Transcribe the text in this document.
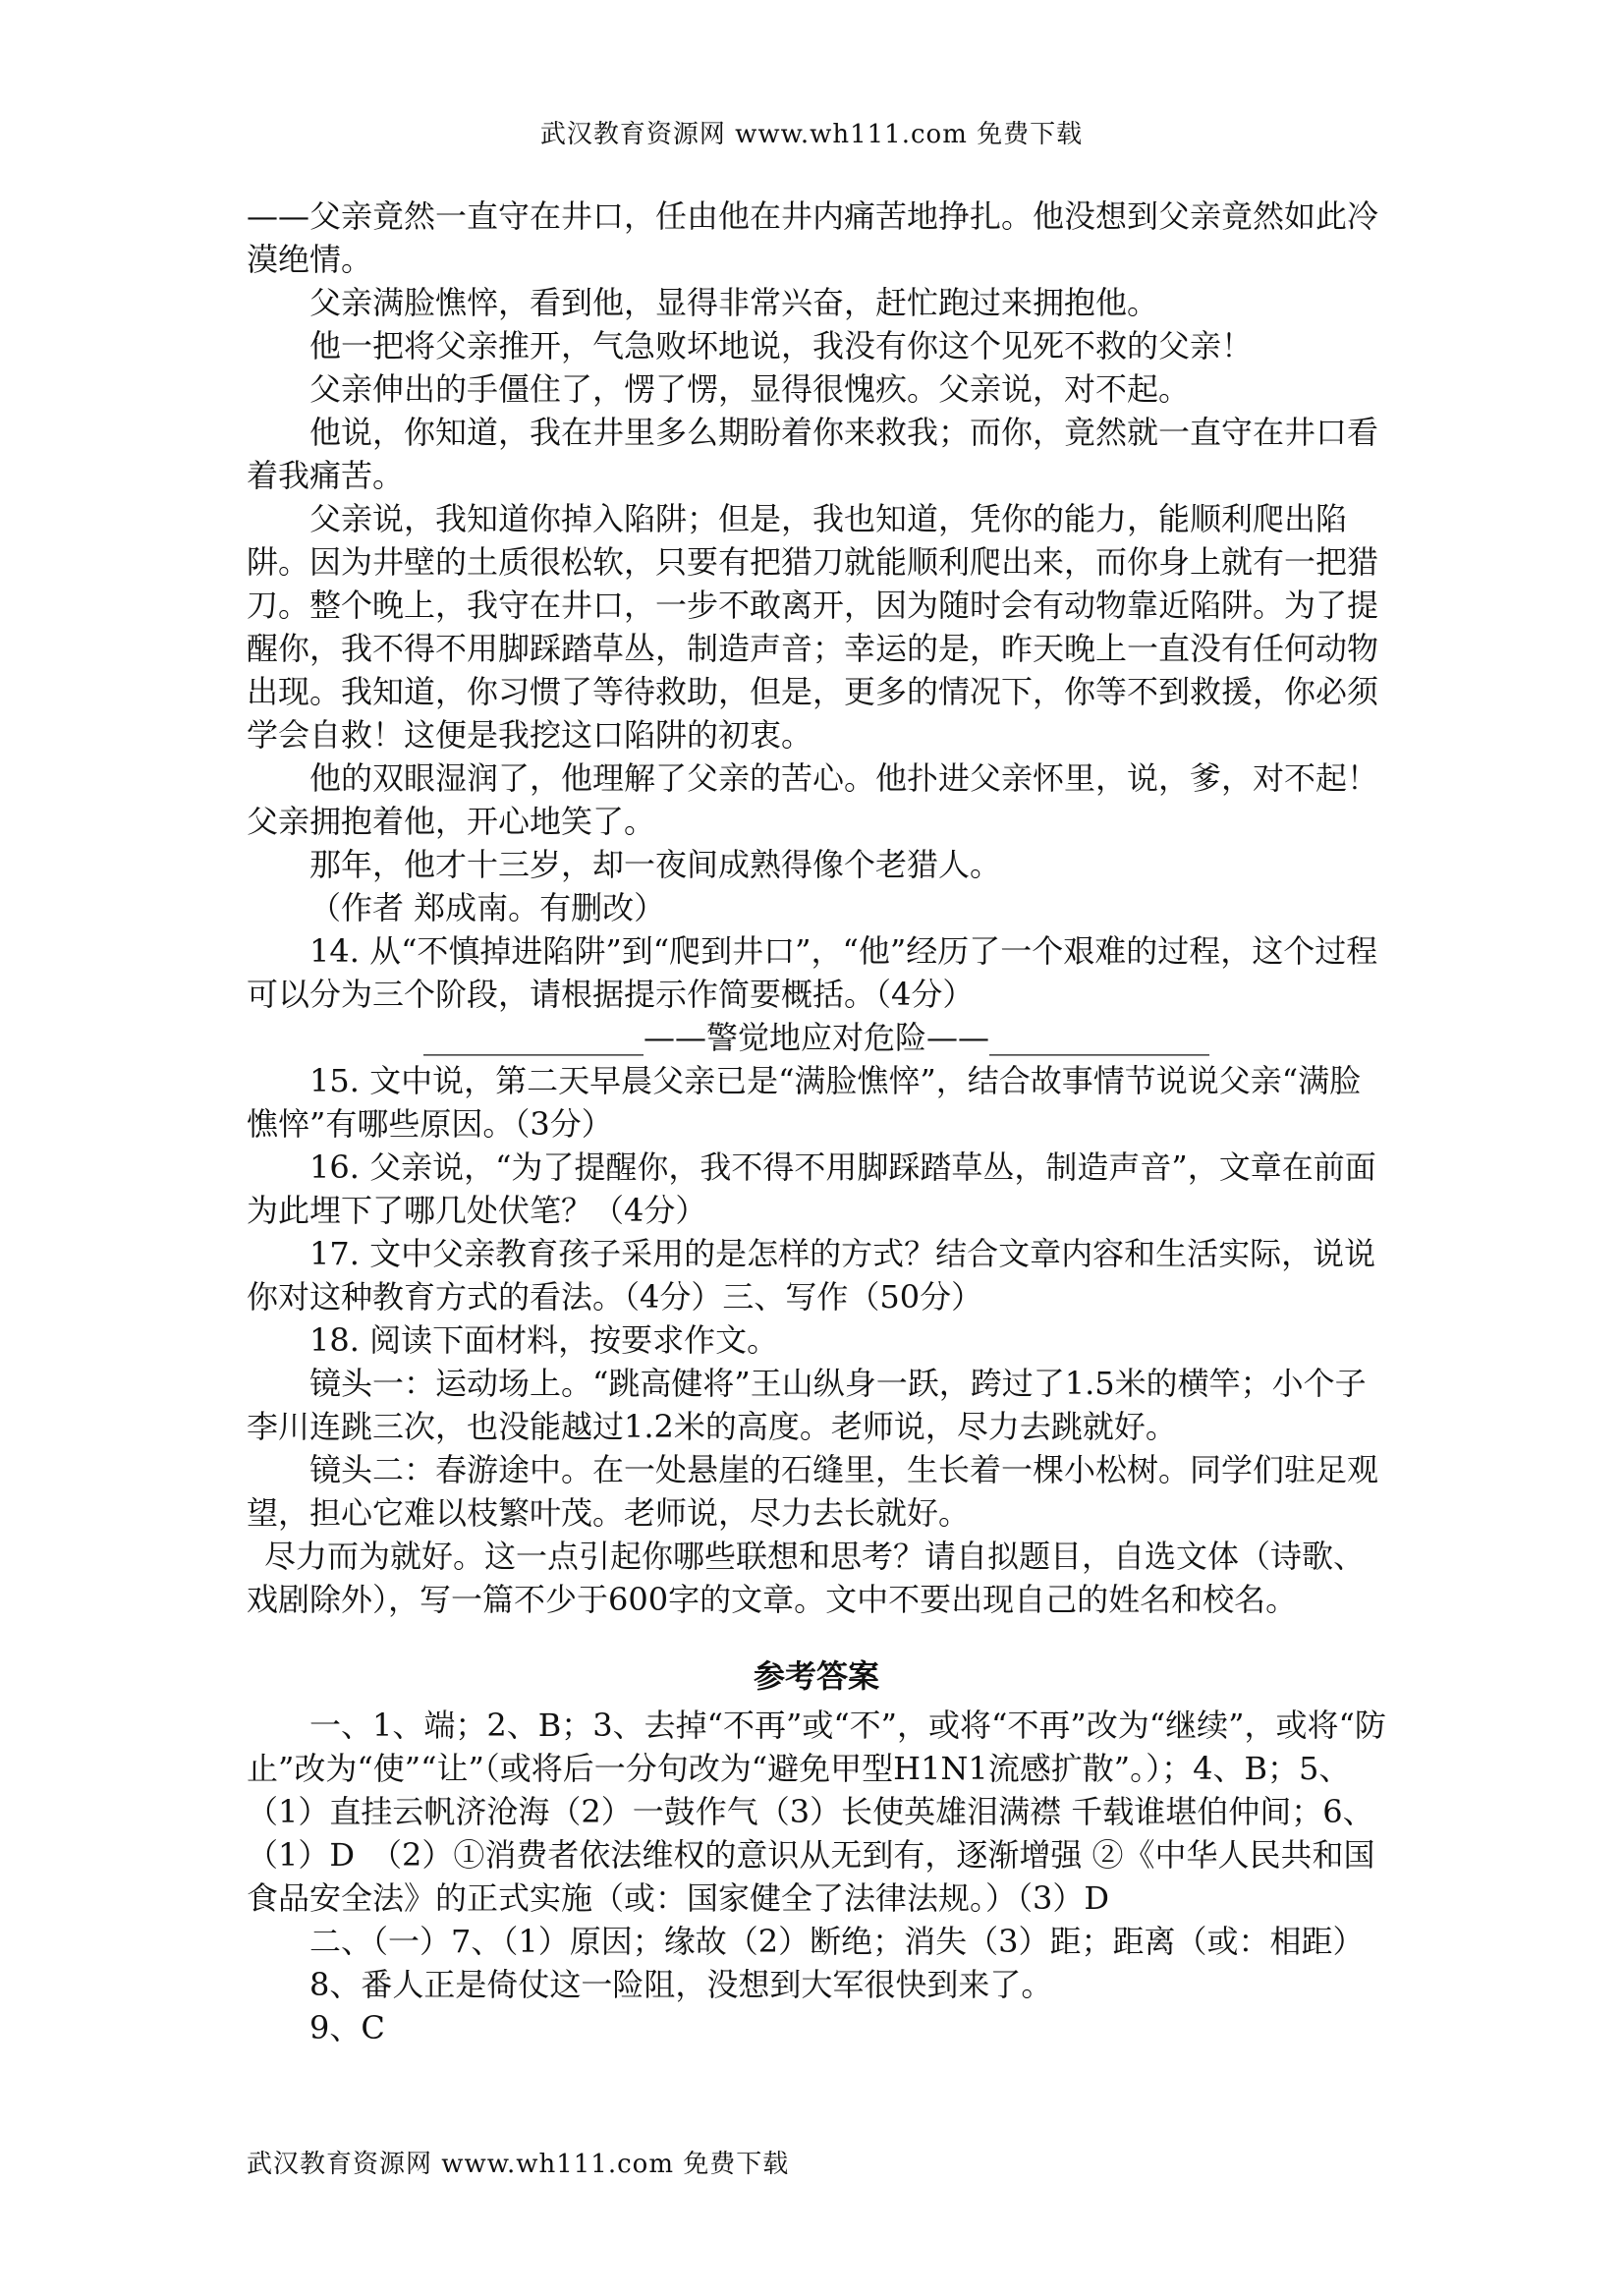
武汉教育资源网 www.wh111.com 免费下载

——父亲竟然一直守在井口，任由他在井内痛苦地挣扎。他没想到父亲竟然如此冷漠绝情。

父亲满脸憔悴，看到他，显得非常兴奋，赶忙跑过来拥抱他。

他一把将父亲推开，气急败坏地说，我没有你这个见死不救的父亲！

父亲伸出的手僵住了，愣了愣，显得很愧疚。父亲说，对不起。

他说，你知道，我在井里多么期盼着你来救我；而你，竟然就一直守在井口看着我痛苦。

父亲说，我知道你掉入陷阱；但是，我也知道，凭你的能力，能顺利爬出陷阱。因为井壁的土质很松软，只要有把猎刀就能顺利爬出来，而你身上就有一把猎刀。整个晚上，我守在井口，一步不敢离开，因为随时会有动物靠近陷阱。为了提醒你，我不得不用脚踩踏草丛，制造声音；幸运的是，昨天晚上一直没有任何动物出现。我知道，你习惯了等待救助，但是，更多的情况下，你等不到救援，你必须学会自救！这便是我挖这口陷阱的初衷。

他的双眼湿润了，他理解了父亲的苦心。他扑进父亲怀里，说，爹，对不起！父亲拥抱着他，开心地笑了。

那年，他才十三岁，却一夜间成熟得像个老猎人。

（作者 郑成南。有删改）

14. 从“不慎掉进陷阱”到“爬到井口”，“他”经历了一个艰难的过程，这个过程可以分为三个阶段，请根据提示作简要概括。（4分）

______________——警觉地应对危险——______________

15. 文中说，第二天早晨父亲已是“满脸憔悴”，结合故事情节说说父亲“满脸憔悴”有哪些原因。（3分）

16. 父亲说，“为了提醒你，我不得不用脚踩踏草丛，制造声音”，文章在前面为此埋下了哪几处伏笔？（4分）

17. 文中父亲教育孩子采用的是怎样的方式？结合文章内容和生活实际，说说你对这种教育方式的看法。（4分）三、写作（50分）

18. 阅读下面材料，按要求作文。

镜头一：运动场上。“跳高健将”王山纵身一跃，跨过了1.5米的横竿；小个子李川连跳三次，也没能越过1.2米的高度。老师说，尽力去跳就好。

镜头二：春游途中。在一处悬崖的石缝里，生长着一棵小松树。同学们驻足观望，担心它难以枝繁叶茂。老师说，尽力去长就好。

尽力而为就好。这一点引起你哪些联想和思考？请自拟题目，自选文体（诗歌、戏剧除外），写一篇不少于600字的文章。文中不要出现自己的姓名和校名。

参考答案

一、1、端；2、B；3、去掉“不再”或“不”，或将“不再”改为“继续”，或将“防止”改为“使”“让”（或将后一分句改为“避免甲型H1N1流感扩散”。）；4、B；5、（1）直挂云帆济沧海（2）一鼓作气（3）长使英雄泪满襟 千载谁堪伯仲间；6、（1）D　（2）①消费者依法维权的意识从无到有，逐渐增强 ②《中华人民共和国食品安全法》的正式实施（或：国家健全了法律法规。）（3）D

二、（一）7、（1）原因；缘故（2）断绝；消失（3）距；距离（或：相距）

8、番人正是倚仗这一险阻，没想到大军很快到来了。

9、C

武汉教育资源网 www.wh111.com 免费下载
